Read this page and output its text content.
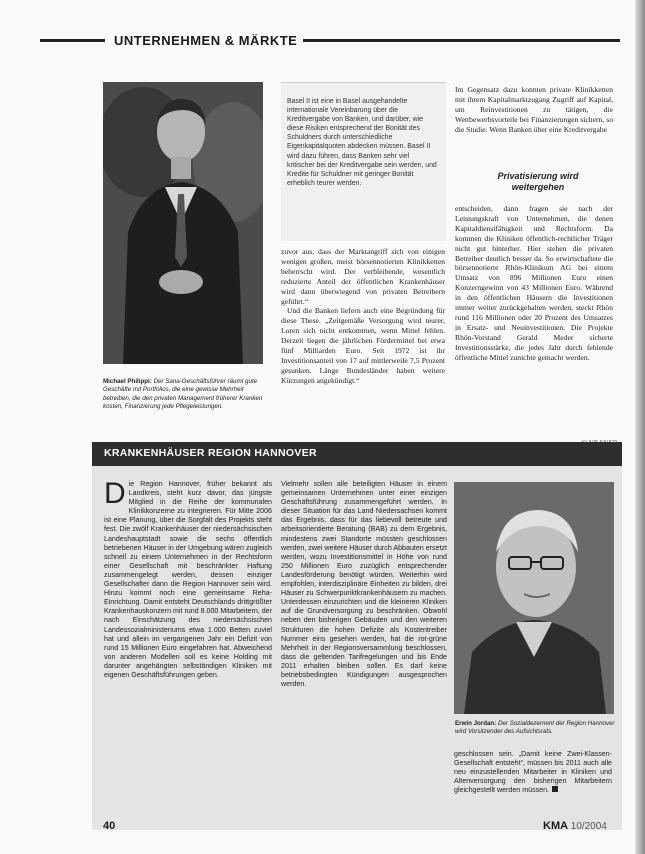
UNTERNEHMEN & MÄRKTE
Michael Philippi: Der Sana-Geschäftsführer räumt gute Geschäfte mit Portfolios, die eine gewisse Mehrheit betreiben, die den privaten Management früherer Kranken kosten, Finanzierung jede Pflegeleistungen.
Basel II ist eine in Basel ausgehandelte internationale Vereinbarung über die Kreditvergabe von Banken, und darüber, wie diese Risiken entsprechend der Bonität des Schuldners durch unterschiedliche Eigenkapitalquoten abdecken müssen. Basel II wird dazu führen, dass Banken sehr viel kritischer bei der Kreditvergabe sein werden, und Kredite für Schuldner mit geringer Bonität erheblich teurer werden.

zuvor aus, dass der Marktangriff sich von einigen wenigen großen, meist börsennotierten Klinikketten beherrscht wird. Der verbleibende, wesentlich reduzierte Anteil der öffentlichen Krankenhäuser wird dann überwiegend von privaten Betreibern geführt.“

Und die Banken liefern auch eine Begründung für diese These. „Zeitgemäße Versorgung wird teurer, Loren sich nicht entkommen, wenn Mittel fehlen. Derzeit liegen die jährlichen Fördermittel bei etwa fünf Milliarden Euro. Seit 1972 ist ihr Investitionsanteil von 17 auf mittlerweile 7,5 Prozent gesunken. Länge Bundesländer haben weitere Kürzungen angekündigt.“

Im Gegensatz dazu konnten private Klinikketten mit ihrem Kapitalmarktzugang Zugriff auf Kapital, um Reinvestitionen zu tätigen, die Wettbewerbsvorteile bei Finanzierungen sichern, so die Studie. Wenn Banken über eine Kreditvergabe

Privatisierung wird weitergehen

entscheiden, dann fragen sie nach der Leistungskraft von Unternehmen, die denen Kapitaldienstfähigkeit und Rechtsform. Da kommen die Kliniken öffentlich-rechtlicher Träger nicht gut hinterher. Hier stehen die privaten Betreiber deutlich besser da. So erwirtschaftete die börsennotierte Rhön-Klinikum AG bei einem Umsatz von 896 Millionen Euro einen Konzerngewinn von 43 Millionen Euro. Während in den öffentlichen Häusern die Investitionen immer weiter zurückgehalten werden, steckt Rhön rund 116 Millionen oder 20 Prozent des Umsatzes in Ersatz- und Neuinvestitionen. Die Projekte Rhön-Vorstand Gerald Meder sicherte Investitionsstärke, die jedes Jahr durch fehlende öffentliche Mittel zunichte gemacht werden.

KRANKENHÄUSER REGION HANNOVER
Die Region Hannover, früher bekannt als Landkreis, steht kurz davor, das jüngste Mitglied in die Reihe der kommunalen Klinikkonzerne zu integrieren. Für Mitte 2006 ist eine Planung, über die Sorgfalt des Projekts steht fest. Die zwölf Krankenhäuser der niedersächsischen Landeshauptstadt sowie die sechs öffentlich betriebenen Häuser in der Umgebung wären zugleich schnell zu einem Unternehmen in der Rechtsform einer Gesellschaft mit beschränkter Haftung zusammengelegt werden, dessen einziger Gesellschafter dann die Region Hannover sein wird. Hinzu kommt noch eine gemeinsame Reha-Einrichtung. Damit entsteht Deutschlands drittgrößter Krankenhauskonzern mit rund 8.000 Mitarbeitern, der nach Einschätzung des niedersächsischen Landessozialministeriums etwa 1.000 Betten zuviel hat und allein im vergangenen Jahr ein Defizit von rund 15 Millionen Euro eingefahren hat. Abweichend von anderen Modellen soll es keine Holding mit darunter angehängten selbständigen Kliniken mit eigenen Geschäftsführungen geben.
Vielmehr sollen alle beteiligten Häuser in einem gemeinsamen Unternehmen unter einer einzigen Geschäftsführung zusammengeführt werden. In dieser Situation für das Land Niedersachsen kommt das Ergebnis, dass für das liebevoll betreute und arbeitsorientierte Beratung (BAB) zu dem Ergebnis, mindestens zwei Standorte müssten geschlossen werden, zwei weitere Häuser durch Abbauten ersetzt werden, wozu Investitionsmittel in Höhe von rund 250 Millionen Euro zuzüglich entsprechender Landesförderung benötigt würden. Weiterhin wird empfohlen, interdisziplinäre Einheiten zu bilden, drei Häuser zu Schwerpunktkrankenhäusern zu machen. Unterdessen einzurichten und die kleineren Kliniken auf die Grundversorgung zu beschränken. Obwohl neben den bisherigen Gebäuden und den weiteren Strukturen die hohen Defizite als Kostentreiber Nummer eins gesehen werden, hat die rot-grüne Mehrheit in der Regionsversammlung beschlossen, dass die geltenden Tarifregelungen und bis Ende 2011 erhalten bleiben sollen. Es darf keine betriebsbedingten Kündigungen ausgesprochen werden.
geschlossen sein. „Damit keine Zwei-Klassen-Gesellschaft entsteht“, müssen bis 2011 auch alle neu einzustellenden Mitarbeiter in Kliniken und Altenversorgung den bisherigen Mitarbeitern gleichgestellt werden müssen.
Erwin Jordan: Der Sozialdezernent der Region Hannover wird Vorsitzender des Aufsichtsrats.
40	KMA 10/2004
